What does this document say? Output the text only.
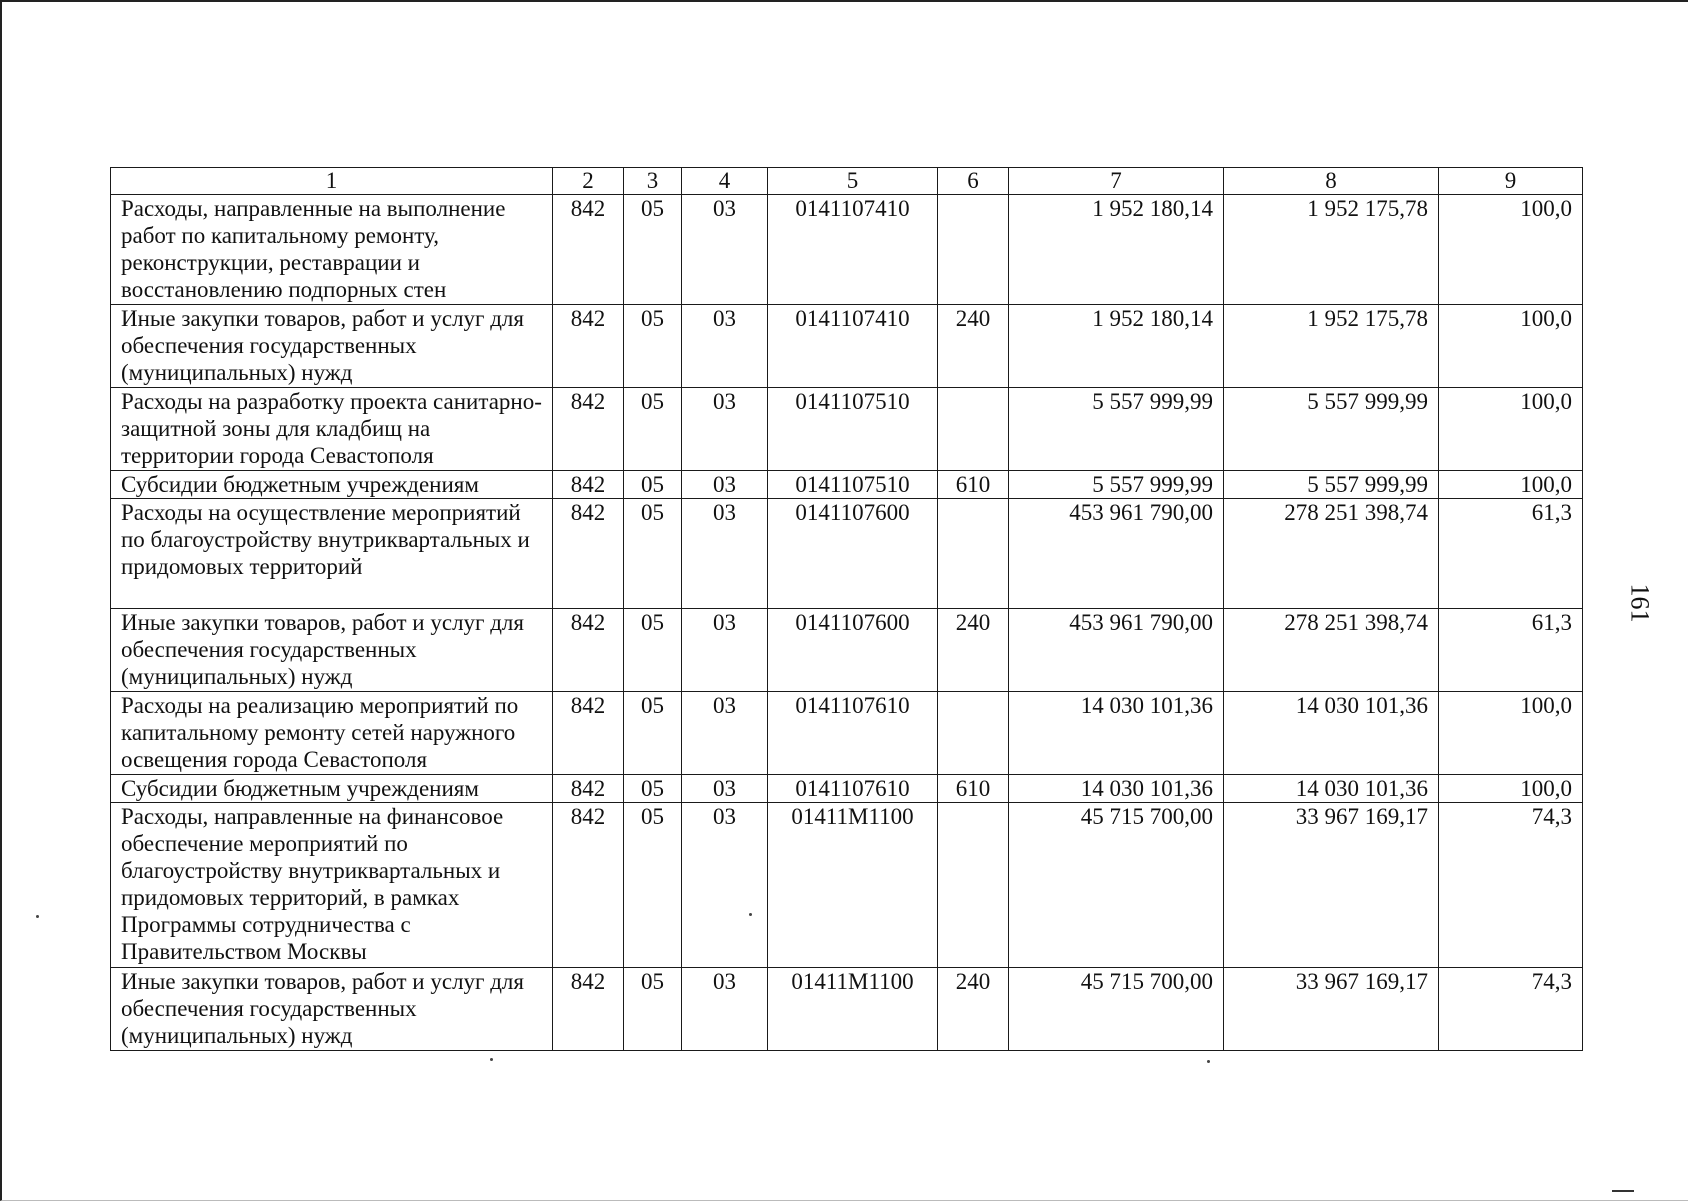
1	2	3	4	5	6	7	8	9
Расходы, направленные на выполнение работ по капитальному ремонту, реконструкции, реставрации и восстановлению подпорных стен	842	05	03	0141107410		1 952 180,14	1 952 175,78	100,0
Иные закупки товаров, работ и услуг для обеспечения государственных (муниципальных) нужд	842	05	03	0141107410	240	1 952 180,14	1 952 175,78	100,0
Расходы на разработку проекта санитарно-защитной зоны для кладбищ на территории города Севастополя	842	05	03	0141107510		5 557 999,99	5 557 999,99	100,0
Субсидии бюджетным учреждениям	842	05	03	0141107510	610	5 557 999,99	5 557 999,99	100,0
Расходы на осуществление мероприятий по благоустройству внутриквартальных и придомовых территорий	842	05	03	0141107600		453 961 790,00	278 251 398,74	61,3
Иные закупки товаров, работ и услуг для обеспечения государственных (муниципальных) нужд	842	05	03	0141107600	240	453 961 790,00	278 251 398,74	61,3
Расходы на реализацию мероприятий по капитальному ремонту сетей наружного освещения города Севастополя	842	05	03	0141107610		14 030 101,36	14 030 101,36	100,0
Субсидии бюджетным учреждениям	842	05	03	0141107610	610	14 030 101,36	14 030 101,36	100,0
Расходы, направленные на финансовое обеспечение мероприятий по благоустройству внутриквартальных и придомовых территорий, в рамках Программы сотрудничества с Правительством Москвы	842	05	03	01411М1100		45 715 700,00	33 967 169,17	74,3
Иные закупки товаров, работ и услуг для обеспечения государственных (муниципальных) нужд	842	05	03	01411М1100	240	45 715 700,00	33 967 169,17	74,3
161
